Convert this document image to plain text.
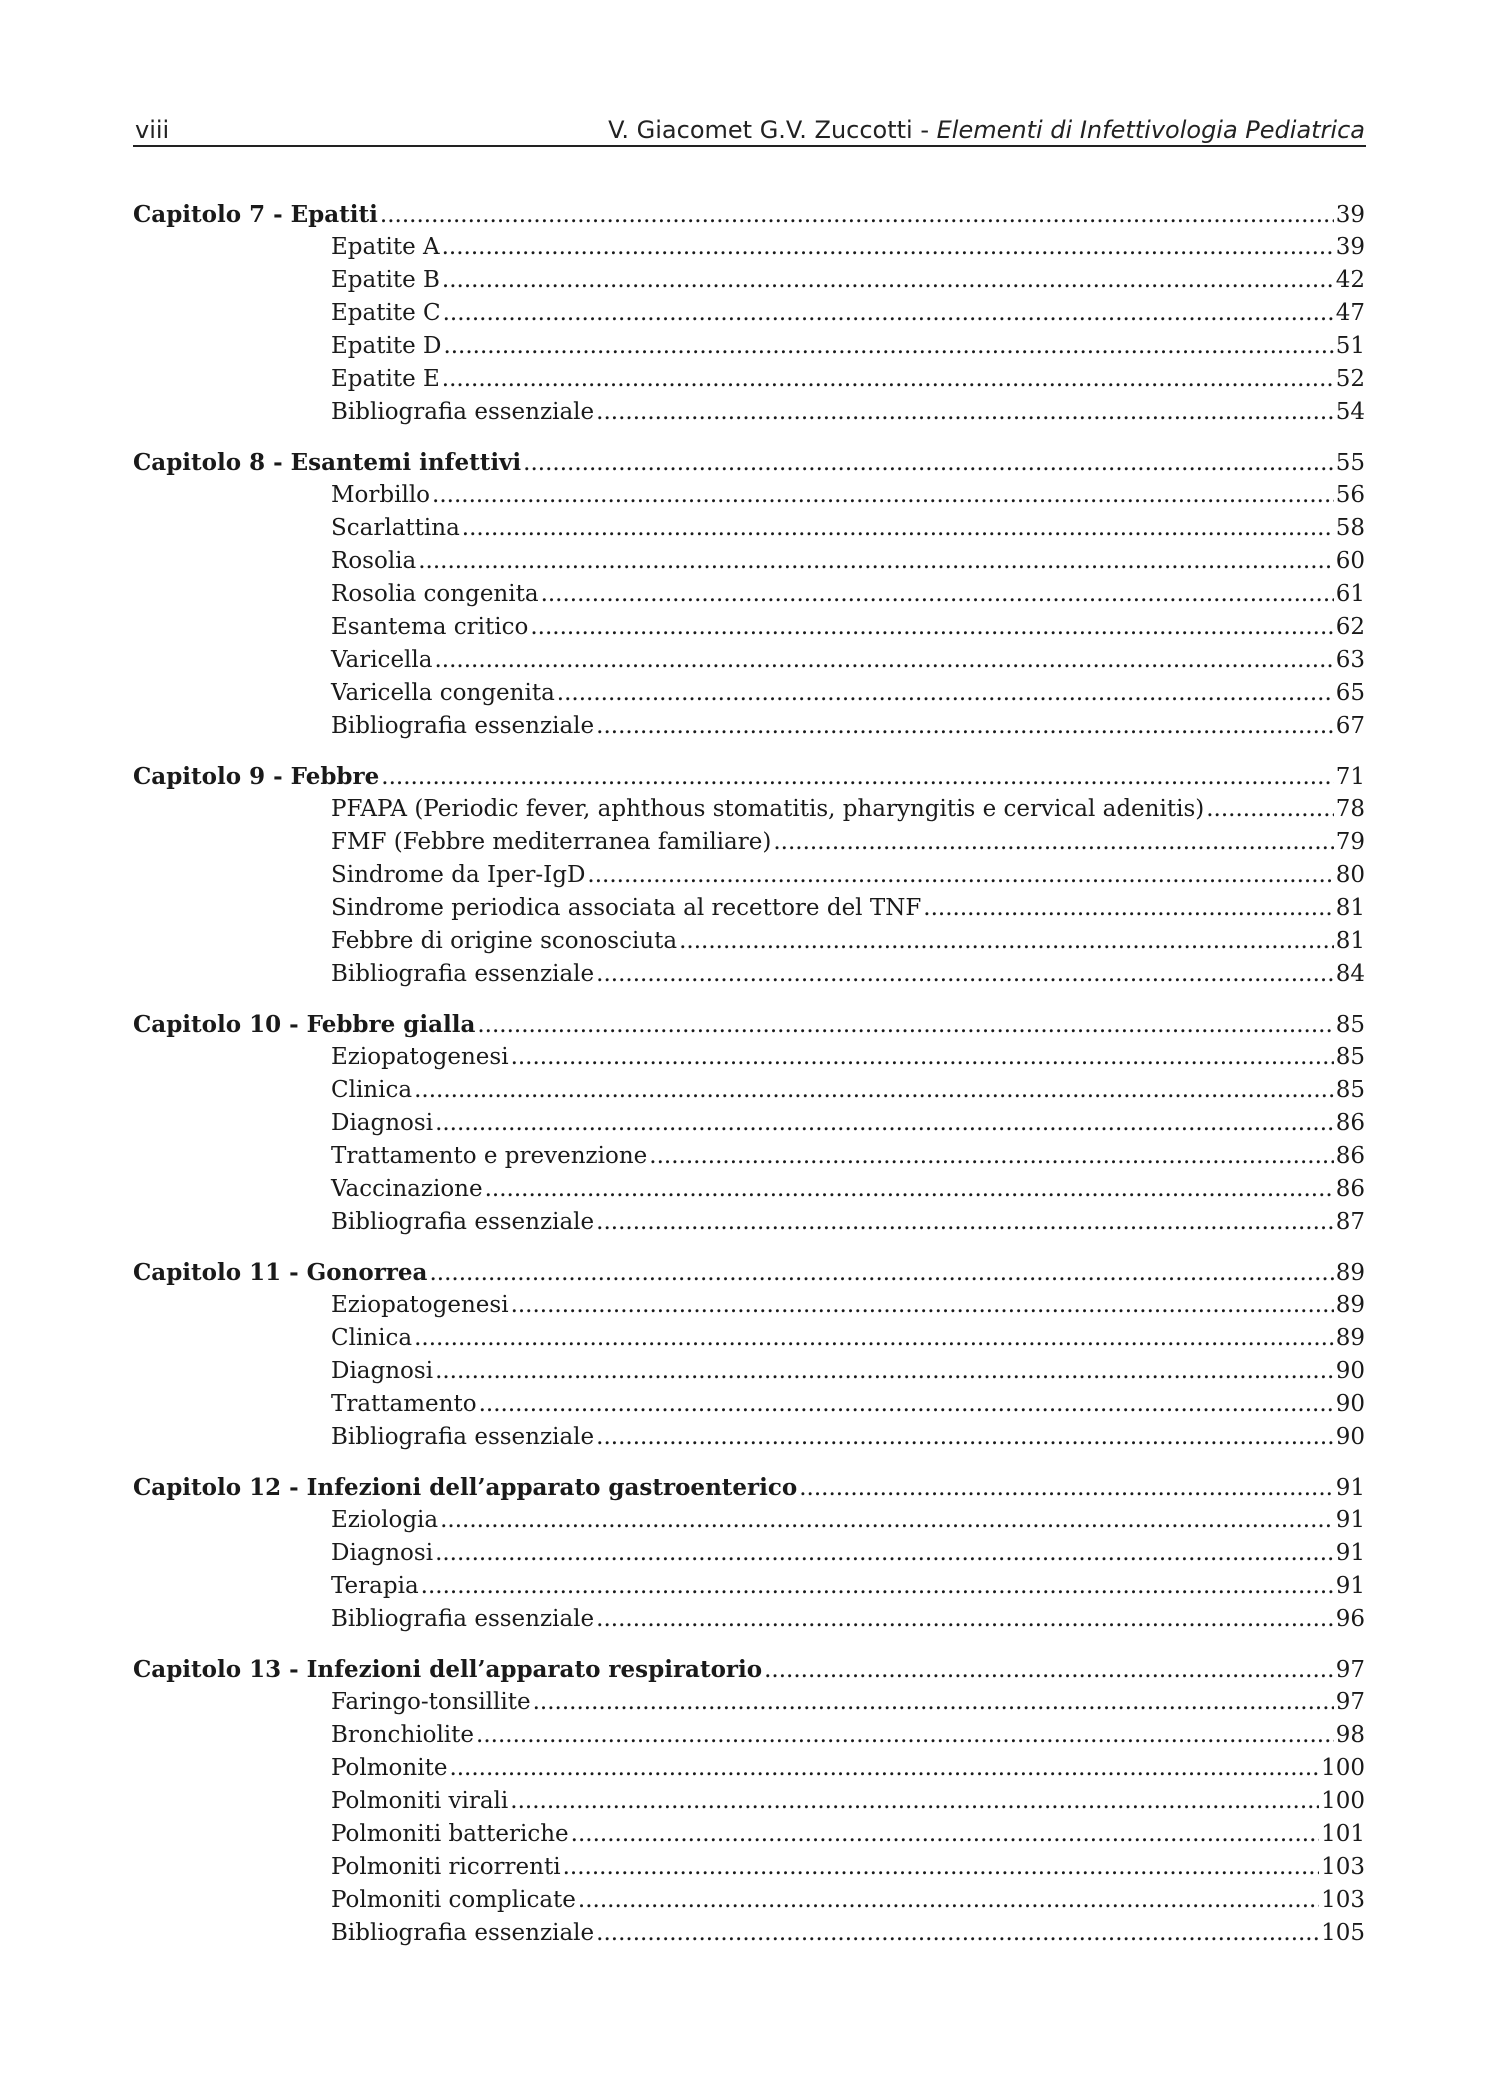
viii	V. Giacomet G.V. Zuccotti - Elementi di Infettivologia Pediatrica
Capitolo 7 - Epatiti .....	39
Epatite A .....	39
Epatite B .....	42
Epatite C .....	47
Epatite D .....	51
Epatite E .....	52
Bibliografia essenziale .....	54
Capitolo 8 - Esantemi infettivi .....	55
Morbillo .....	56
Scarlattina .....	58
Rosolia .....	60
Rosolia congenita .....	61
Esantema critico .....	62
Varicella .....	63
Varicella congenita .....	65
Bibliografia essenziale .....	67
Capitolo 9 - Febbre .....	71
PFAPA (Periodic fever, aphthous stomatitis, pharyngitis e cervical adenitis) .....	78
FMF (Febbre mediterranea familiare) .....	79
Sindrome da Iper-IgD .....	80
Sindrome periodica associata al recettore del TNF .....	81
Febbre di origine sconosciuta .....	81
Bibliografia essenziale .....	84
Capitolo 10 - Febbre gialla .....	85
Eziopatogenesi .....	85
Clinica .....	85
Diagnosi .....	86
Trattamento e prevenzione .....	86
Vaccinazione .....	86
Bibliografia essenziale .....	87
Capitolo 11 - Gonorrea .....	89
Eziopatogenesi .....	89
Clinica .....	89
Diagnosi .....	90
Trattamento .....	90
Bibliografia essenziale .....	90
Capitolo 12 - Infezioni dell’apparato gastroenterico .....	91
Eziologia .....	91
Diagnosi .....	91
Terapia .....	91
Bibliografia essenziale .....	96
Capitolo 13 - Infezioni dell’apparato respiratorio .....	97
Faringo-tonsillite .....	97
Bronchiolite .....	98
Polmonite .....	100
Polmoniti virali .....	100
Polmoniti batteriche .....	101
Polmoniti ricorrenti .....	103
Polmoniti complicate .....	103
Bibliografia essenziale .....	105
